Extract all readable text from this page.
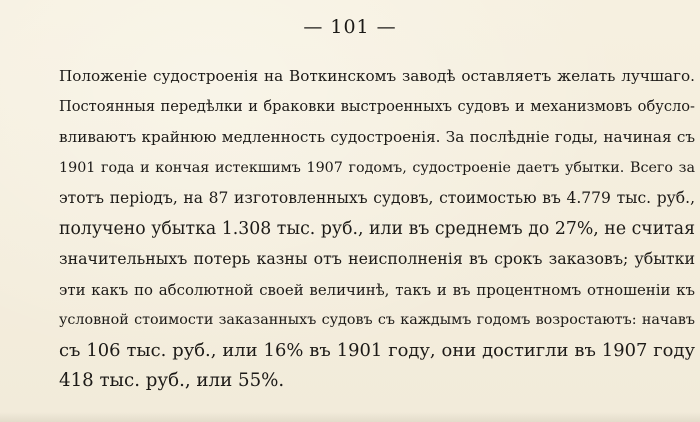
— 101 —
Положенiе судостроенiя на Воткинскомъ заводѣ оставляетъ желать лучшаго.
Постоянныя передѣлки и браковки выстроенныхъ судовъ и механизмовъ обусло-
вливаютъ крайнюю медленность судостроенiя. За послѣднiе годы, начиная съ
1901 года и кончая истекшимъ 1907 годомъ, судостроенiе даетъ убытки. Всего за
этотъ перiодъ, на 87 изготовленныхъ судовъ, стоимостью въ 4.779 тыс. руб.,
получено убытка 1.308 тыс. руб., или въ среднемъ до 27%, не считая
значительныхъ потерь казны отъ неисполненiя въ срокъ заказовъ; убытки
эти какъ по абсолютной своей величинѣ, такъ и въ процентномъ отношенiи къ
условной стоимости заказанныхъ судовъ съ каждымъ годомъ возростаютъ: начавъ
съ 106 тыс. руб., или 16% въ 1901 году, они достигли въ 1907 году
418 тыс. руб., или 55%.
